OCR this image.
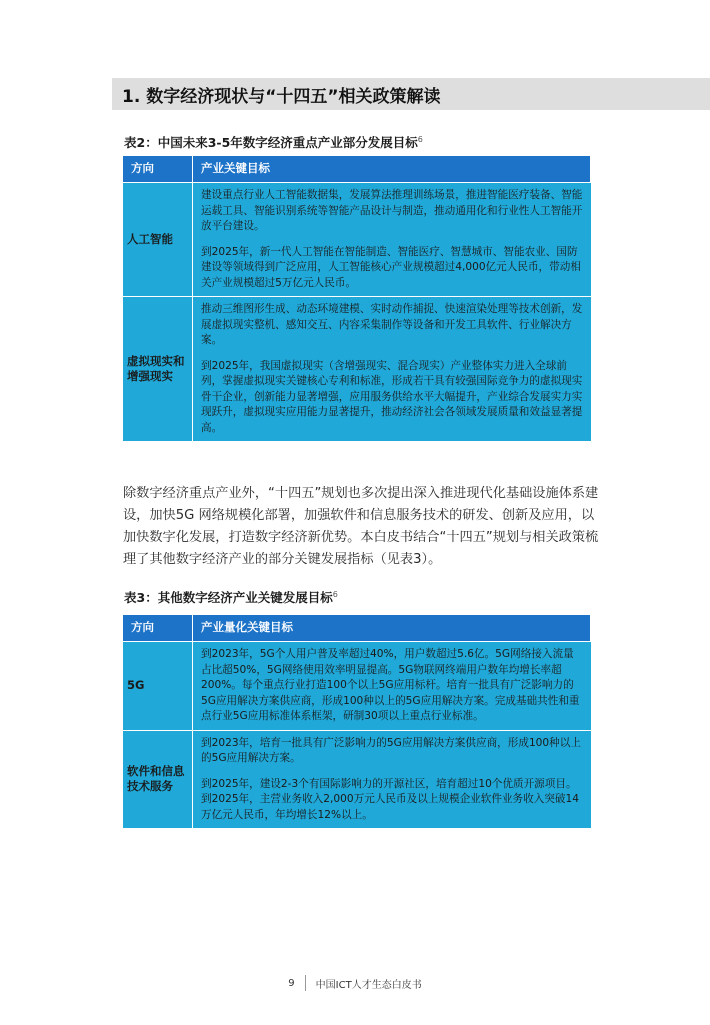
1. 数字经济现状与“十四五”相关政策解读
表2：中国未来3-5年数字经济重点产业部分发展目标$^6$
方向	产业关键目标
人工智能	建设重点行业人工智能数据集，发展算法推理训练场景，推进智能医疗装备、智能运载工具、智能识别系统等智能产品设计与制造，推动通用化和行业性人工智能开放平台建设。

到2025年，新一代人工智能在智能制造、智能医疗、智慧城市、智能农业、国防建设等领域得到广泛应用，人工智能核心产业规模超过4,000亿元人民币，带动相关产业规模超过5万亿元人民币。

虚拟现实和增强现实	推动三维图形生成、动态环境建模、实时动作捕捉、快速渲染处理等技术创新，发展虚拟现实整机、感知交互、内容采集制作等设备和开发工具软件、行业解决方案。

到2025年，我国虚拟现实（含增强现实、混合现实）产业整体实力进入全球前列，掌握虚拟现实关键核心专利和标准，形成若干具有较强国际竞争力的虚拟现实骨干企业，创新能力显著增强，应用服务供给水平大幅提升，产业综合发展实力实现跃升，虚拟现实应用能力显著提升，推动经济社会各领域发展质量和效益显著提高。

除数字经济重点产业外，“十四五”规划也多次提出深入推进现代化基础设施体系建设，加快5G 网络规模化部署，加强软件和信息服务技术的研发、创新及应用，以加快数字化发展，打造数字经济新优势。本白皮书结合“十四五”规划与相关政策梳理了其他数字经济产业的部分关键发展指标（见表3）。
表3：其他数字经济产业关键发展目标$^6$
方向	产业量化关键目标
5G	到2023年，5G个人用户普及率超过40%，用户数超过5.6亿。5G网络接入流量占比超50%，5G网络使用效率明显提高。5G物联网终端用户数年均增长率超200%。每个重点行业打造100个以上5G应用标杆。培育一批具有广泛影响力的5G应用解决方案供应商，形成100种以上的5G应用解决方案。完成基础共性和重点行业5G应用标准体系框架，研制30项以上重点行业标准。

软件和信息技术服务	到2023年，培育一批具有广泛影响力的5G应用解决方案供应商，形成100种以上的5G应用解决方案。

到2025年，建设2-3个有国际影响力的开源社区，培育超过10个优质开源项目。到2025年，主营业务收入2,000万元人民币及以上规模企业软件业务收入突破14万亿元人民币，年均增长12%以上。

9 中国ICT人才生态白皮书
